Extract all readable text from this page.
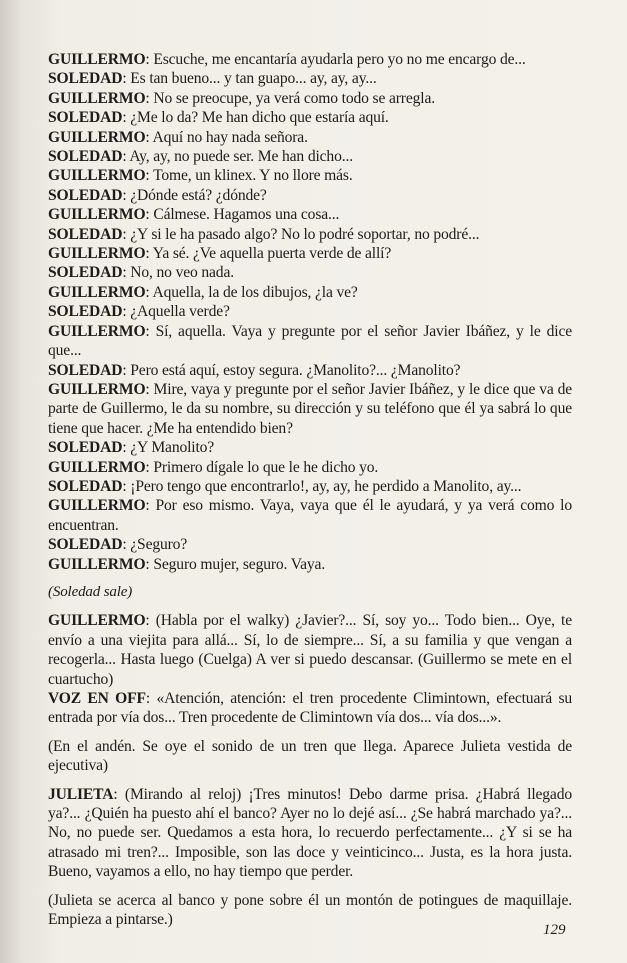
GUILLERMO: Escuche, me encantaría ayudarla pero yo no me encargo de...

SOLEDAD: Es tan bueno... y tan guapo... ay, ay, ay...

GUILLERMO: No se preocupe, ya verá como todo se arregla.

SOLEDAD: ¿Me lo da? Me han dicho que estaría aquí.

GUILLERMO: Aquí no hay nada señora.

SOLEDAD: Ay, ay, no puede ser. Me han dicho...

GUILLERMO: Tome, un klinex. Y no llore más.

SOLEDAD: ¿Dónde está? ¿dónde?

GUILLERMO: Cálmese. Hagamos una cosa...

SOLEDAD: ¿Y si le ha pasado algo? No lo podré soportar, no podré...

GUILLERMO: Ya sé. ¿Ve aquella puerta verde de allí?

SOLEDAD: No, no veo nada.

GUILLERMO: Aquella, la de los dibujos, ¿la ve?

SOLEDAD: ¿Aquella verde?

GUILLERMO: Sí, aquella. Vaya y pregunte por el señor Javier Ibáñez, y le dice que...

SOLEDAD: Pero está aquí, estoy segura. ¿Manolito?... ¿Manolito?

GUILLERMO: Mire, vaya y pregunte por el señor Javier Ibáñez, y le dice que va de parte de Guillermo, le da su nombre, su dirección y su teléfono que él ya sabrá lo que tiene que hacer. ¿Me ha entendido bien?

SOLEDAD: ¿Y Manolito?

GUILLERMO: Primero dígale lo que le he dicho yo.

SOLEDAD: ¡Pero tengo que encontrarlo!, ay, ay, he perdido a Manolito, ay...

GUILLERMO: Por eso mismo. Vaya, vaya que él le ayudará, y ya verá como lo encuentran.

SOLEDAD: ¿Seguro?

GUILLERMO: Seguro mujer, seguro. Vaya.

(Soledad sale)

GUILLERMO: (Habla por el walky) ¿Javier?... Sí, soy yo... Todo bien... Oye, te envío a una viejita para allá... Sí, lo de siempre... Sí, a su familia y que vengan a recogerla... Hasta luego (Cuelga) A ver si puedo descansar. (Guillermo se mete en el cuartucho)

VOZ EN OFF: «Atención, atención: el tren procedente Climintown, efectuará su entrada por vía dos... Tren procedente de Climintown vía dos... vía dos...».

(En el andén. Se oye el sonido de un tren que llega. Aparece Julieta vestida de ejecutiva)

JULIETA: (Mirando al reloj) ¡Tres minutos! Debo darme prisa. ¿Habrá llegado ya?... ¿Quién ha puesto ahí el banco? Ayer no lo dejé así... ¿Se habrá marchado ya?... No, no puede ser. Quedamos a esta hora, lo recuerdo perfectamente... ¿Y si se ha atrasado mi tren?... Imposible, son las doce y veinticinco... Justa, es la hora justa. Bueno, vayamos a ello, no hay tiempo que perder.

(Julieta se acerca al banco y pone sobre él un montón de potingues de maquillaje. Empieza a pintarse.)

129
